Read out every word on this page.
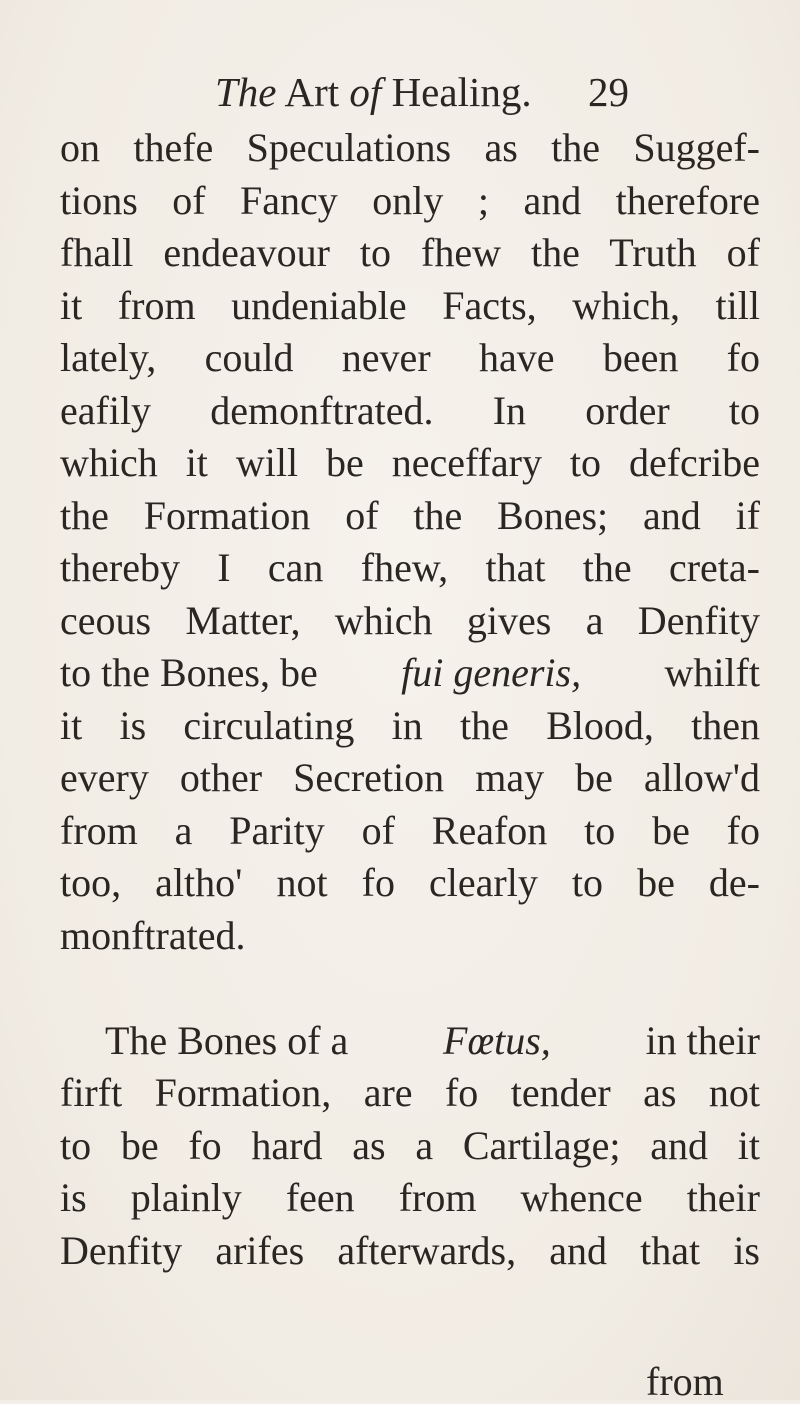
The Art of Healing.	29
on thefe Speculations as the Suggef-
tions of Fancy only ; and therefore
fhall endeavour to fhew the Truth of
it from undeniable Facts, which, till
lately, could never have been fo
eafily demonftrated. In order to
which it will be neceffary to defcribe
the Formation of the Bones; and if
thereby I can fhew, that the creta-
ceous Matter, which gives a Denfity
to the Bones, be fui generis, whilft
it is circulating in the Blood, then
every other Secretion may be allow'd
from a Parity of Reafon to be fo
too, altho' not fo clearly to be de-
monftrated.
The Bones of a Fœtus, in their
firft Formation, are fo tender as not
to be fo hard as a Cartilage; and it
is plainly feen from whence their
Denfity arifes afterwards, and that is
from
